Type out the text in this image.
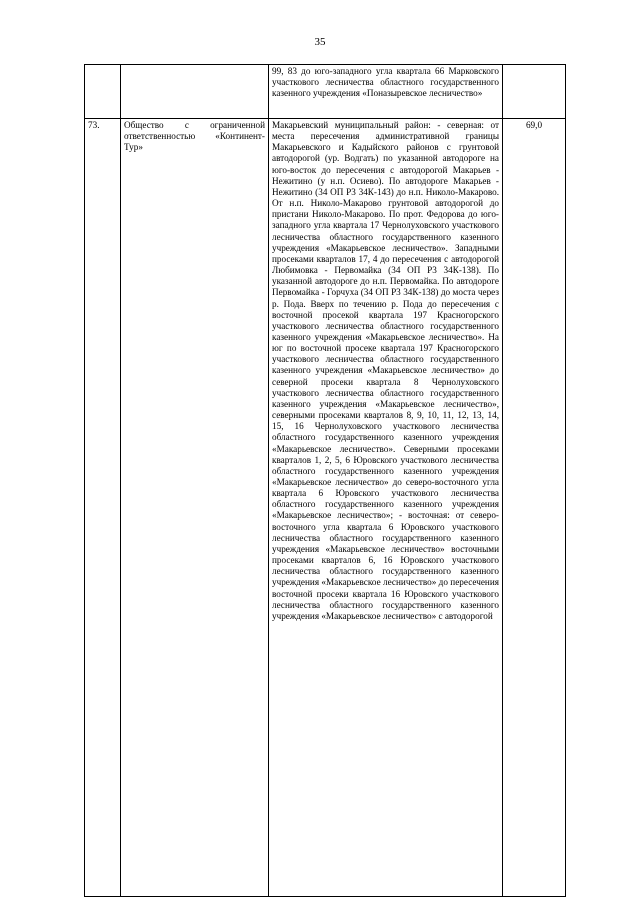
35
		99, 83 до юго-западного угла квартала 66 Марковского участкового лесничества областного государственного казенного учреждения «Поназыревское лесничество»	
73.	Общество с ограниченной ответственностью «Континент-Тур»	Макарьевский муниципальный район: - северная: от места пересечения административной границы Макарьевского и Кадыйского районов с грунтовой автодорогой (ур. Водгать) по указанной автодороге на юго-восток до пересечения с автодорогой Макарьев - Нежитино (у н.п. Осиево). По автодороге Макарьев - Нежитино (34 ОП Р3 34К-143) до н.п. Николо-Макарово. От н.п. Николо-Макарово грунтовой автодорогой до пристани Николо-Макарово. По прот. Федорова до юго-западного угла квартала 17 Чернолуховского участкового лесничества областного государственного казенного учреждения «Макарьевское лесничество». Западными просеками кварталов 17, 4 до пересечения с автодорогой Любимовка - Первомайка (34 ОП Р3 34К-138). По указанной автодороге до н.п. Первомайка. По автодороге Первомайка - Горчуха (34 ОП Р3 34К-138) до моста через р. Пода. Вверх по течению р. Пода до пересечения с восточной просекой квартала 197 Красногорского участкового лесничества областного государственного казенного учреждения «Макарьевское лесничество». На юг по восточной просеке квартала 197 Красногорского участкового лесничества областного государственного казенного учреждения «Макарьевское лесничество» до северной просеки квартала 8 Чернолуховского участкового лесничества областного государственного казенного учреждения «Макарьевское лесничество», северными просеками кварталов 8, 9, 10, 11, 12, 13, 14, 15, 16 Чернолуховского участкового лесничества областного государственного казенного учреждения «Макарьевское лесничество». Северными просеками кварталов 1, 2, 5, 6 Юровского участкового лесничества областного государственного казенного учреждения «Макарьевское лесничество» до северо-восточного угла квартала 6 Юровского участкового лесничества областного государственного казенного учреждения «Макарьевское лесничество»; - восточная: от северо-восточного угла квартала 6 Юровского участкового лесничества областного государственного казенного учреждения «Макарьевское лесничество» восточными просеками кварталов 6, 16 Юровского участкового лесничества областного государственного казенного учреждения «Макарьевское лесничество» до пересечения восточной просеки квартала 16 Юровского участкового лесничества областного государственного казенного учреждения «Макарьевское лесничество» с автодорогой	69,0
